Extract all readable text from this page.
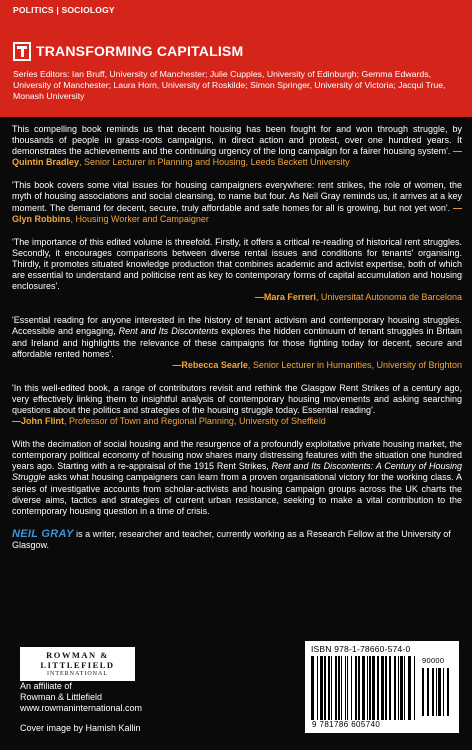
POLITICS | SOCIOLOGY
TRANSFORMING CAPITALISM
Series Editors: Ian Bruff, University of Manchester; Julie Cupples, University of Edinburgh; Gemma Edwards, University of Manchester; Laura Horn, University of Roskilde; Simon Springer, University of Victoria; Jacqui True, Monash University

This compelling book reminds us that decent housing has been fought for and won through struggle, by thousands of people in grass-roots campaigns, in direct action and protest, over one hundred years. It demonstrates the achievements and the continuing urgency of the long campaign for a fairer housing system'. —Quintin Bradley, Senior Lecturer in Planning and Housing, Leeds Beckett University

'This book covers some vital issues for housing campaigners everywhere: rent strikes, the role of women, the myth of housing associations and social cleansing, to name but four. As Neil Gray reminds us, it arrives at a key moment. The demand for decent, secure, truly affordable and safe homes for all is growing, but not yet won'. —Glyn Robbins, Housing Worker and Campaigner

'The importance of this edited volume is threefold. Firstly, it offers a critical re-reading of historical rent struggles. Secondly, it encourages comparisons between diverse rental issues and conditions for tenants' organising. Thirdly, it promotes situated knowledge production that combines academic and activist expertise, both of which are essential to understand and politicise rent as key to contemporary forms of capital accumulation and housing enclosures'.

—Mara Ferreri, Universitat Autonoma de Barcelona

'Essential reading for anyone interested in the history of tenant activism and contemporary housing struggles. Accessible and engaging, Rent and Its Discontents explores the hidden continuum of tenant struggles in Britain and Ireland and highlights the relevance of these campaigns for those fighting today for decent, secure and affordable rented homes'.

—Rebecca Searle, Senior Lecturer in Humanities, University of Brighton

'In this well-edited book, a range of contributors revisit and rethink the Glasgow Rent Strikes of a century ago, very effectively linking them to insightful analysis of contemporary housing movements and asking searching questions about the politics and strategies of the housing struggle today. Essential reading'.

—John Flint, Professor of Town and Regional Planning, University of Sheffield

With the decimation of social housing and the resurgence of a profoundly exploitative private housing market, the contemporary political economy of housing now shares many distressing features with the situation one hundred years ago. Starting with a re-appraisal of the 1915 Rent Strikes, Rent and Its Discontents: A Century of Housing Struggle asks what housing campaigners can learn from a proven organisational victory for the working class. A series of investigative accounts from scholar-activists and housing campaign groups across the UK charts the diverse aims, tactics and strategies of current urban resistance, seeking to make a vital contribution to the contemporary housing question in a time of crisis.

NEIL GRAY is a writer, researcher and teacher, currently working as a Research Fellow at the University of Glasgow.

ROWMAN &
LITTLEFIELD
INTERNATIONAL
An affiliate of
Rowman & Littlefield
www.rowmaninternational.com
Cover image by Hamish Kallin
ISBN 978-1-78660-574-0
90000
9 781786 605740
